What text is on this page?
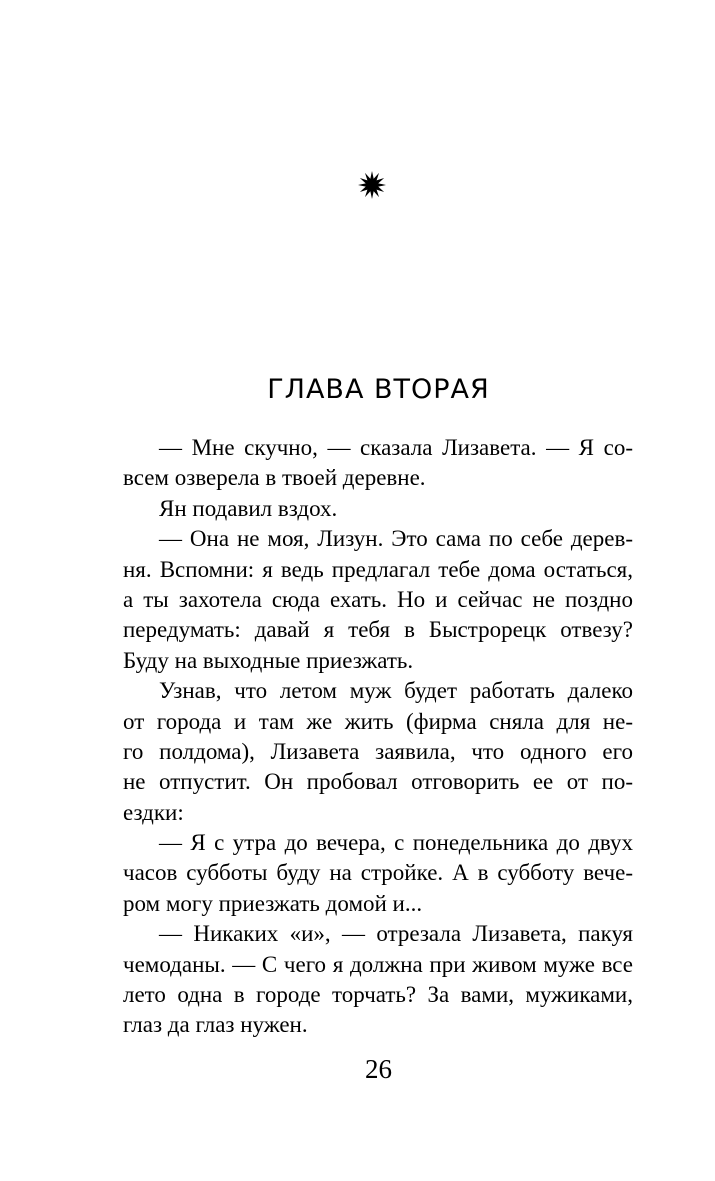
ГЛАВА ВТОРАЯ
— Мне скучно, — сказала Лизавета. — Я со-
всем озверела в твоей деревне.
Ян подавил вздох.
— Она не моя, Лизун. Это сама по себе дерев-
ня. Вспомни: я ведь предлагал тебе дома остаться,
а ты захотела сюда ехать. Но и сейчас не поздно
передумать: давай я тебя в Быстрорецк отвезу?
Буду на выходные приезжать.
Узнав, что летом муж будет работать далеко
от города и там же жить (фирма сняла для не-
го полдома), Лизавета заявила, что одного его
не отпустит. Он пробовал отговорить ее от по-
ездки:
— Я с утра до вечера, с понедельника до двух
часов субботы буду на стройке. А в субботу вече-
ром могу приезжать домой и...
— Никаких «и», — отрезала Лизавета, пакуя
чемоданы. — С чего я должна при живом муже все
лето одна в городе торчать? За вами, мужиками,
глаз да глаз нужен.
26
